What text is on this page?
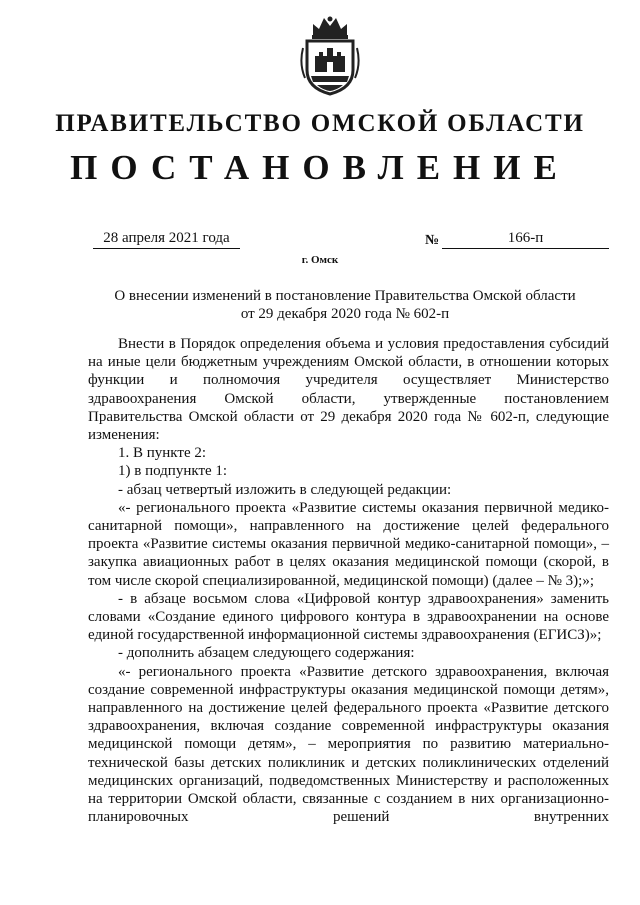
ПРАВИТЕЛЬСТВО ОМСКОЙ ОБЛАСТИ
ПОСТАНОВЛЕНИЕ
28 апреля 2021 года	№	166-п
г. Омск
О внесении изменений в постановление Правительства Омской области
от 29 декабря 2020 года № 602-п

Внести в Порядок определения объема и условия предоставления субсидий на иные цели бюджетным учреждениям Омской области, в отношении которых функции и полномочия учредителя осуществляет Министерство здравоохранения Омской области, утвержденные постановлением Правительства Омской области от 29 декабря 2020 года № 602-п, следующие изменения:

1. В пункте 2:

1) в подпункте 1:

- абзац четвертый изложить в следующей редакции:

«- регионального проекта «Развитие системы оказания первичной медико-санитарной помощи», направленного на достижение целей федерального проекта «Развитие системы оказания первичной медико-санитарной помощи», – закупка авиационных работ в целях оказания медицинской помощи (скорой, в том числе скорой специализированной, медицинской помощи) (далее – № 3);»;

- в абзаце восьмом слова «Цифровой контур здравоохранения» заменить словами «Создание единого цифрового контура в здравоохранении на основе единой государственной информационной системы здравоохранения (ЕГИСЗ)»;

- дополнить абзацем следующего содержания:

«- регионального проекта «Развитие детского здравоохранения, включая создание современной инфраструктуры оказания медицинской помощи детям», направленного на достижение целей федерального проекта «Развитие детского здравоохранения, включая создание современной инфраструктуры оказания медицинской помощи детям», – мероприятия по развитию материально-технической базы детских поликлиник и детских поликлинических отделений медицинских организаций, подведомственных Министерству и расположенных на территории Омской области, связанные с созданием в них организационно-планировочных решений внутренних
